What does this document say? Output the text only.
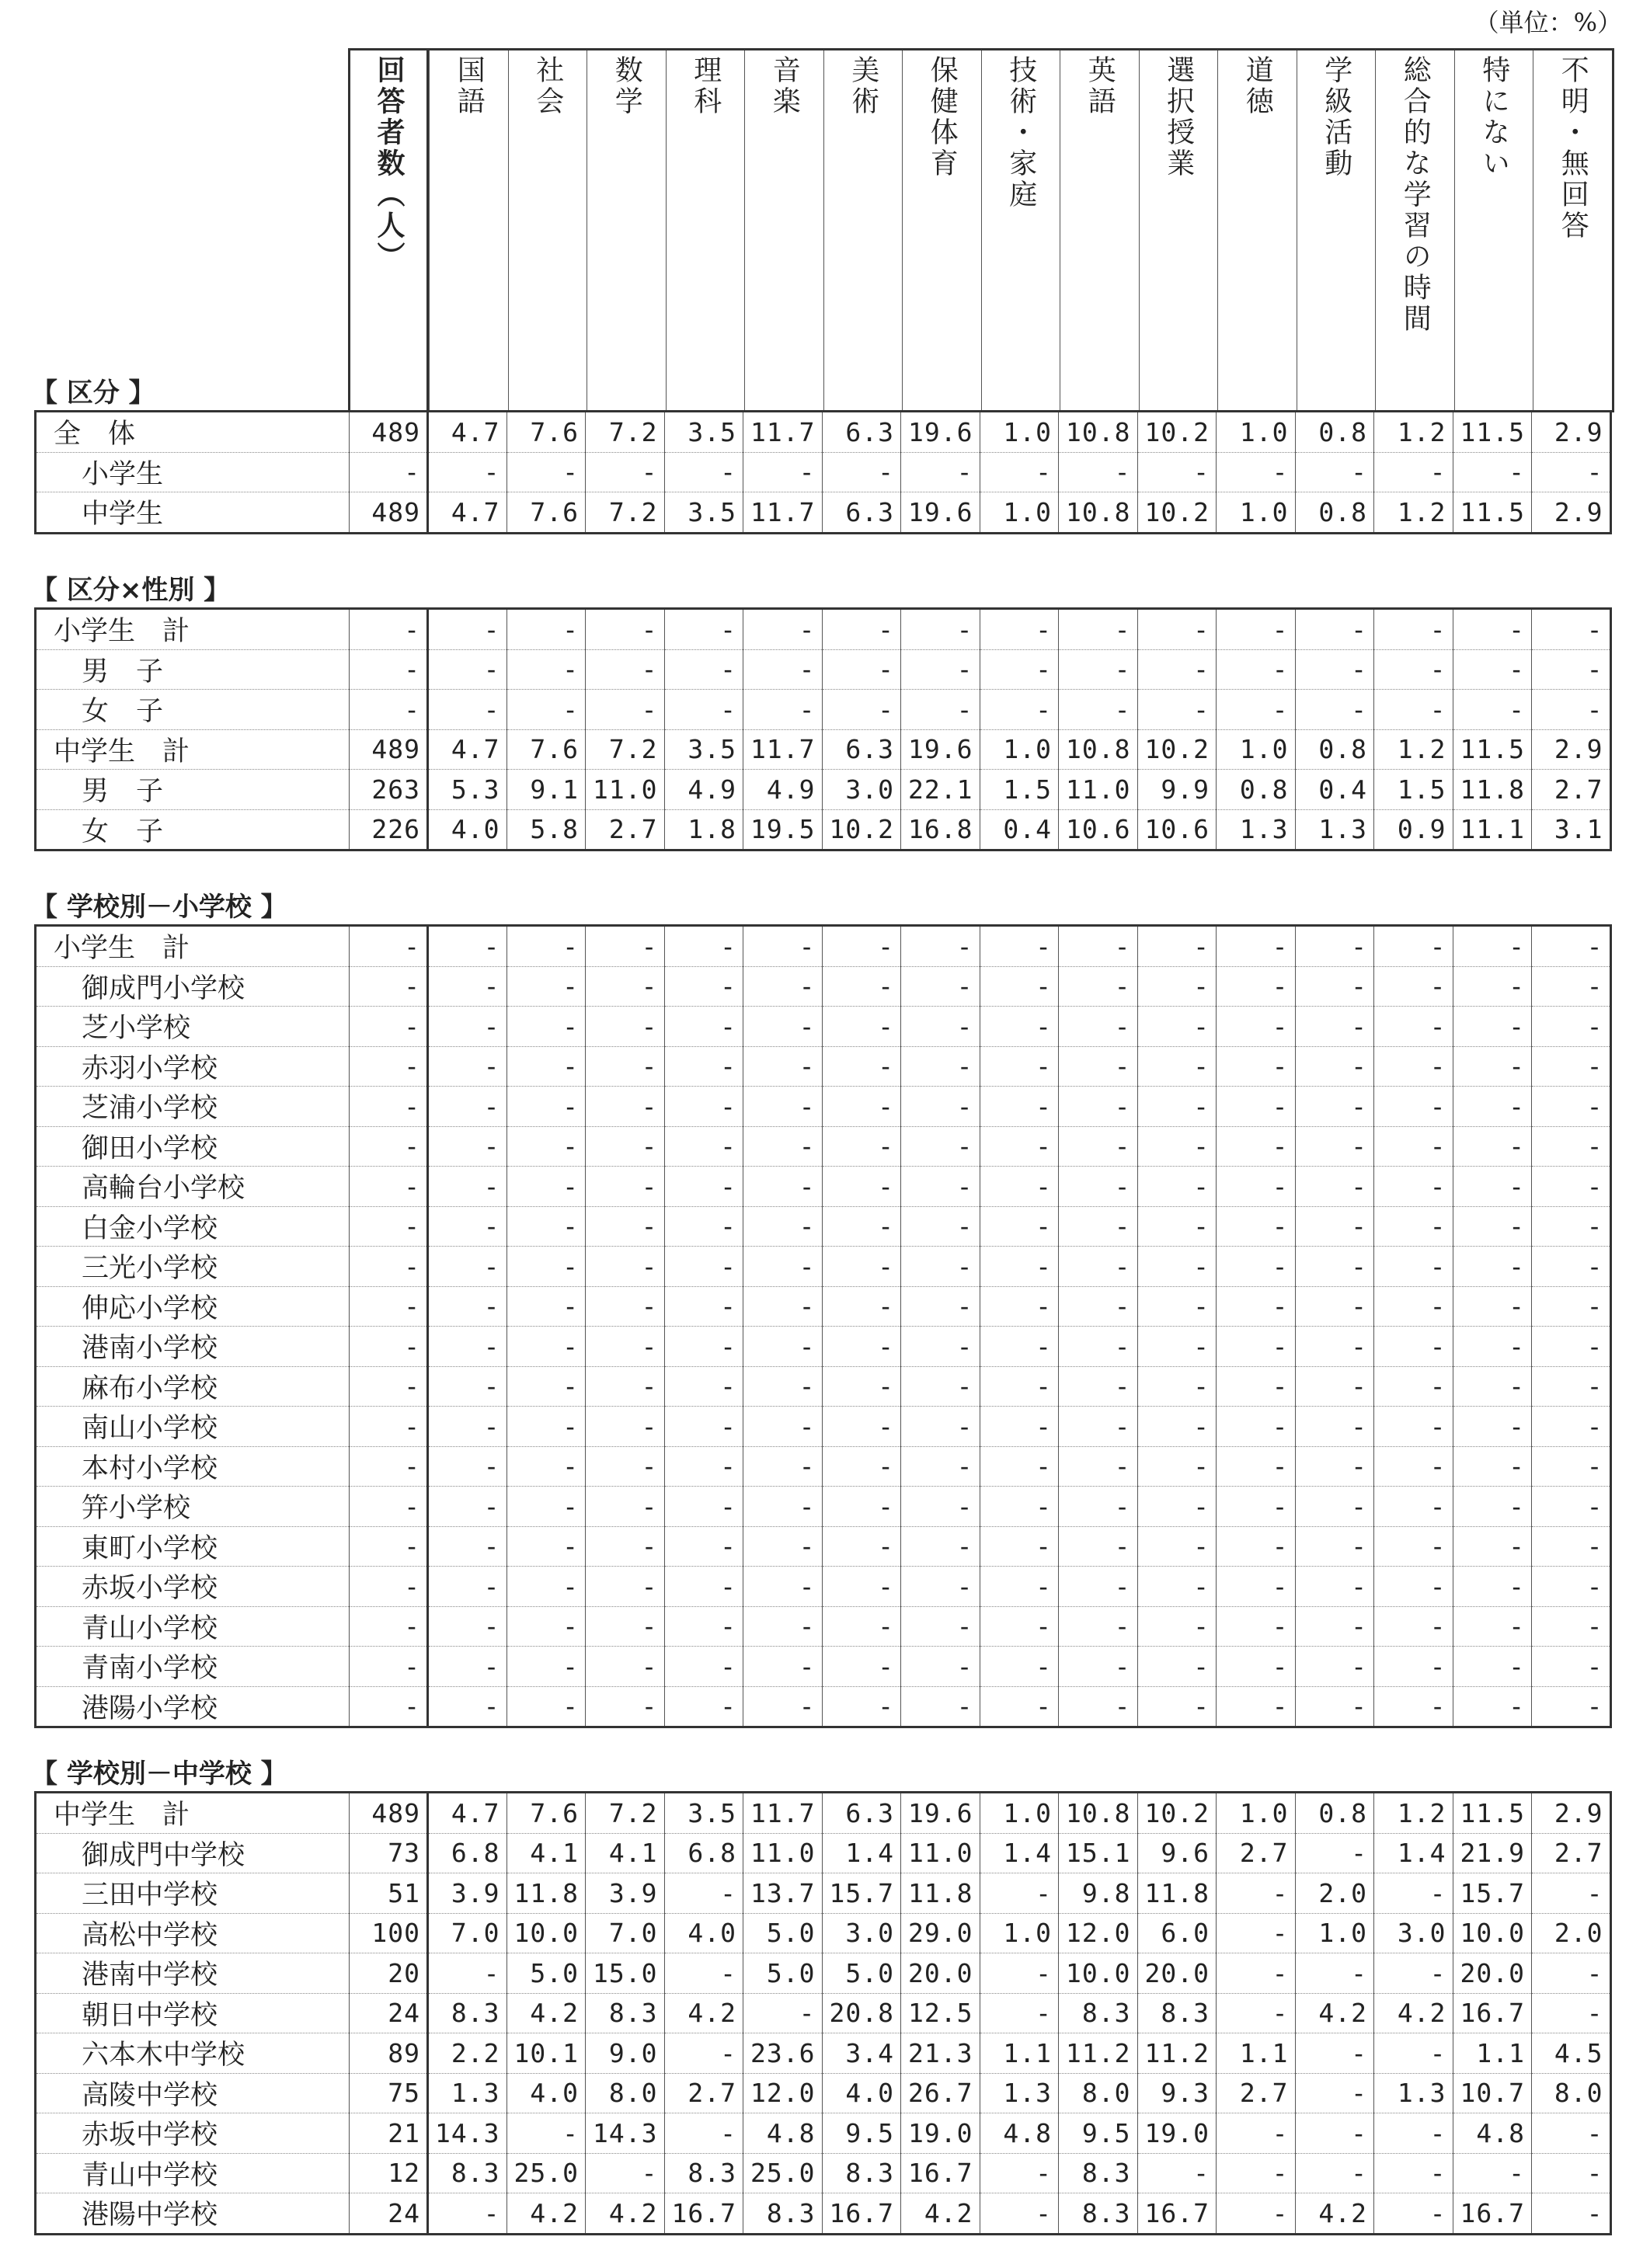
（単位：%）
回答者数（人） 国語 社会 数学 理科 音楽 美術 保健体育 技術・家庭 英語 選択授業 道徳 学級活動 総合的な学習の時間 特にない 不明・無回答
【 区分 】
全　体	489	4.7	7.6	7.2	3.5	11.7	6.3	19.6	1.0	10.8	10.2	1.0	0.8	1.2	11.5	2.9
小学生	-	-	-	-	-	-	-	-	-	-	-	-	-	-	-	-
中学生	489	4.7	7.6	7.2	3.5	11.7	6.3	19.6	1.0	10.8	10.2	1.0	0.8	1.2	11.5	2.9
【 区分×性別 】
小学生　計	-	-	-	-	-	-	-	-	-	-	-	-	-	-	-	-
男　子	-	-	-	-	-	-	-	-	-	-	-	-	-	-	-	-
女　子	-	-	-	-	-	-	-	-	-	-	-	-	-	-	-	-
中学生　計	489	4.7	7.6	7.2	3.5	11.7	6.3	19.6	1.0	10.8	10.2	1.0	0.8	1.2	11.5	2.9
男　子	263	5.3	9.1	11.0	4.9	4.9	3.0	22.1	1.5	11.0	9.9	0.8	0.4	1.5	11.8	2.7
女　子	226	4.0	5.8	2.7	1.8	19.5	10.2	16.8	0.4	10.6	10.6	1.3	1.3	0.9	11.1	3.1
【 学校別－小学校 】
小学生　計	-	-	-	-	-	-	-	-	-	-	-	-	-	-	-	-
御成門小学校	-	-	-	-	-	-	-	-	-	-	-	-	-	-	-	-
芝小学校	-	-	-	-	-	-	-	-	-	-	-	-	-	-	-	-
赤羽小学校	-	-	-	-	-	-	-	-	-	-	-	-	-	-	-	-
芝浦小学校	-	-	-	-	-	-	-	-	-	-	-	-	-	-	-	-
御田小学校	-	-	-	-	-	-	-	-	-	-	-	-	-	-	-	-
高輪台小学校	-	-	-	-	-	-	-	-	-	-	-	-	-	-	-	-
白金小学校	-	-	-	-	-	-	-	-	-	-	-	-	-	-	-	-
三光小学校	-	-	-	-	-	-	-	-	-	-	-	-	-	-	-	-
伸応小学校	-	-	-	-	-	-	-	-	-	-	-	-	-	-	-	-
港南小学校	-	-	-	-	-	-	-	-	-	-	-	-	-	-	-	-
麻布小学校	-	-	-	-	-	-	-	-	-	-	-	-	-	-	-	-
南山小学校	-	-	-	-	-	-	-	-	-	-	-	-	-	-	-	-
本村小学校	-	-	-	-	-	-	-	-	-	-	-	-	-	-	-	-
笄小学校	-	-	-	-	-	-	-	-	-	-	-	-	-	-	-	-
東町小学校	-	-	-	-	-	-	-	-	-	-	-	-	-	-	-	-
赤坂小学校	-	-	-	-	-	-	-	-	-	-	-	-	-	-	-	-
青山小学校	-	-	-	-	-	-	-	-	-	-	-	-	-	-	-	-
青南小学校	-	-	-	-	-	-	-	-	-	-	-	-	-	-	-	-
港陽小学校	-	-	-	-	-	-	-	-	-	-	-	-	-	-	-	-
【 学校別－中学校 】
中学生　計	489	4.7	7.6	7.2	3.5	11.7	6.3	19.6	1.0	10.8	10.2	1.0	0.8	1.2	11.5	2.9
御成門中学校	73	6.8	4.1	4.1	6.8	11.0	1.4	11.0	1.4	15.1	9.6	2.7	-	1.4	21.9	2.7
三田中学校	51	3.9	11.8	3.9	-	13.7	15.7	11.8	-	9.8	11.8	-	2.0	-	15.7	-
高松中学校	100	7.0	10.0	7.0	4.0	5.0	3.0	29.0	1.0	12.0	6.0	-	1.0	3.0	10.0	2.0
港南中学校	20	-	5.0	15.0	-	5.0	5.0	20.0	-	10.0	20.0	-	-	-	20.0	-
朝日中学校	24	8.3	4.2	8.3	4.2	-	20.8	12.5	-	8.3	8.3	-	4.2	4.2	16.7	-
六本木中学校	89	2.2	10.1	9.0	-	23.6	3.4	21.3	1.1	11.2	11.2	1.1	-	-	1.1	4.5
高陵中学校	75	1.3	4.0	8.0	2.7	12.0	4.0	26.7	1.3	8.0	9.3	2.7	-	1.3	10.7	8.0
赤坂中学校	21	14.3	-	14.3	-	4.8	9.5	19.0	4.8	9.5	19.0	-	-	-	4.8	-
青山中学校	12	8.3	25.0	-	8.3	25.0	8.3	16.7	-	8.3	-	-	-	-	-	-
港陽中学校	24	-	4.2	4.2	16.7	8.3	16.7	4.2	-	8.3	16.7	-	4.2	-	16.7	-
